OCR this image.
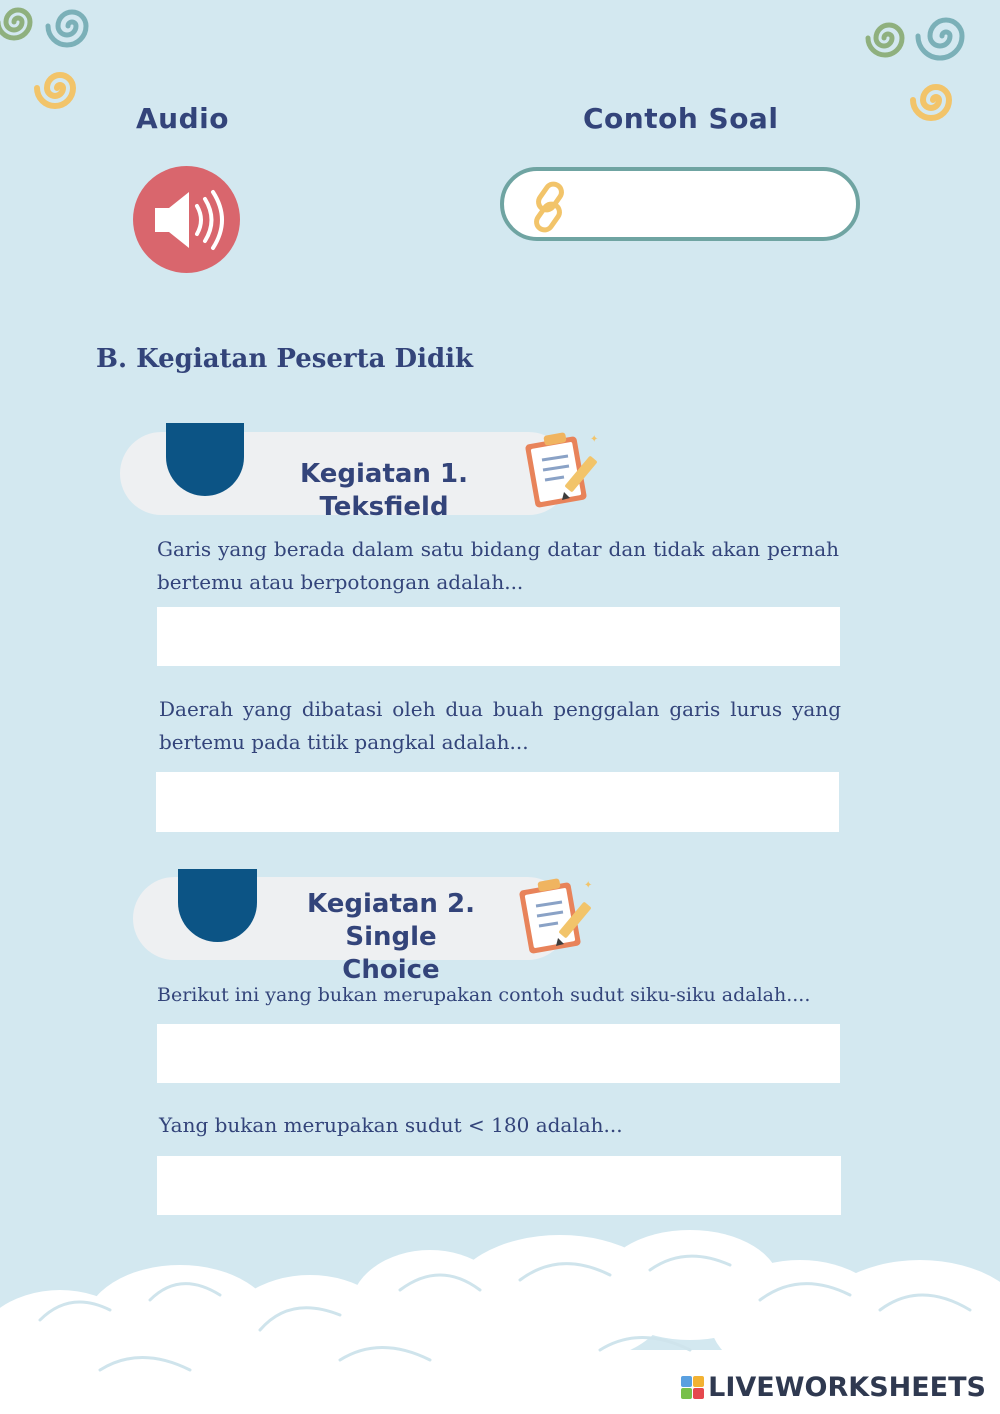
Audio	Contoh Soal
B. Kegiatan Peserta Didik
Kegiatan 1. Teksfield
✦
Garis yang berada dalam satu bidang datar dan tidak akan pernah bertemu atau berpotongan adalah...
Daerah yang dibatasi oleh dua buah penggalan garis lurus yang bertemu pada titik pangkal adalah...
Kegiatan 2. Single
Choice
✦
Berikut ini yang bukan merupakan contoh sudut siku-siku adalah....
Yang bukan merupakan sudut < 180 adalah...
LIVEWORKSHEETS
